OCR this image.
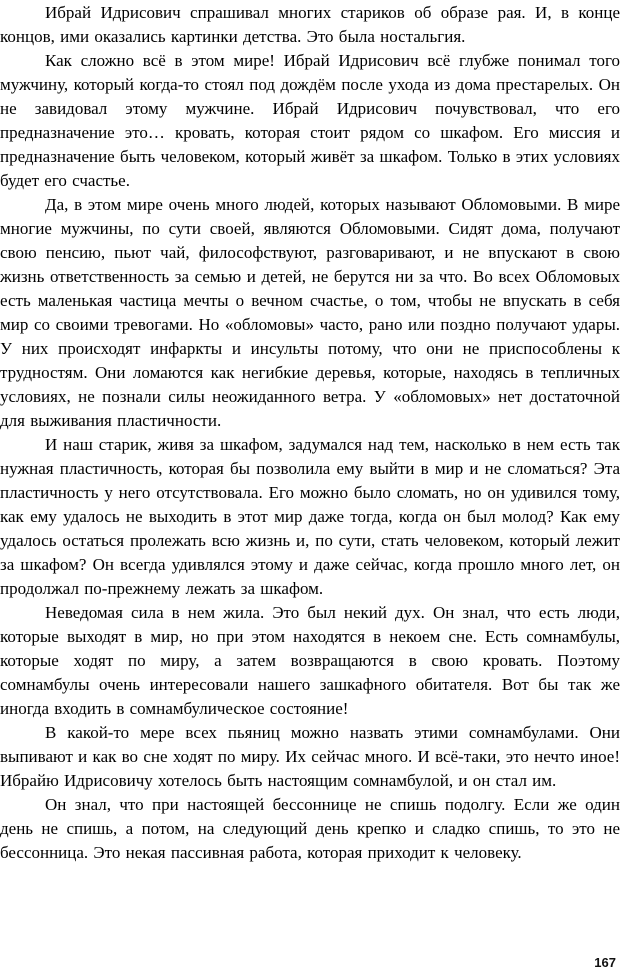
Ибрай Идрисович спрашивал многих стариков об образе рая. И, в конце концов, ими оказались картинки детства. Это была ностальгия.

Как сложно всё в этом мире! Ибрай Идрисович всё глубже понимал того мужчину, который когда-то стоял под дождём после ухода из дома престарелых. Он не завидовал этому мужчине. Ибрай Идрисович почувствовал, что его предназначение это… кровать, которая стоит рядом со шкафом. Его миссия и предназначение быть человеком, который живёт за шкафом. Только в этих условиях будет его счастье.

Да, в этом мире очень много людей, которых называют Обломовыми. В мире многие мужчины, по сути своей, являются Обломовыми. Сидят дома, получают свою пенсию, пьют чай, философствуют, разговаривают, и не впускают в свою жизнь ответственность за семью и детей, не берутся ни за что. Во всех Обломовых есть маленькая частица мечты о вечном счастье, о том, чтобы не впускать в себя мир со своими тревогами. Но «обломовы» часто, рано или поздно получают удары. У них происходят инфаркты и инсульты потому, что они не приспособлены к трудностям. Они ломаются как негибкие деревья, которые, находясь в тепличных условиях, не познали силы неожиданного ветра. У «обломовых» нет достаточной для выживания пластичности.

И наш старик, живя за шкафом, задумался над тем, насколько в нем есть так нужная пластичность, которая бы позволила ему выйти в мир и не сломаться? Эта пластичность у него отсутствовала. Его можно было сломать, но он удивился тому, как ему удалось не выходить в этот мир даже тогда, когда он был молод? Как ему удалось остаться пролежать всю жизнь и, по сути, стать человеком, который лежит за шкафом? Он всегда удивлялся этому и даже сейчас, когда прошло много лет, он продолжал по-прежнему лежать за шкафом.

Неведомая сила в нем жила. Это был некий дух. Он знал, что есть люди, которые выходят в мир, но при этом находятся в некоем сне. Есть сомнамбулы, которые ходят по миру, а затем возвращаются в свою кровать. Поэтому сомнамбулы очень интересовали нашего зашкафного обитателя. Вот бы так же иногда входить в сомнамбулическое состояние!

В какой-то мере всех пьяниц можно назвать этими сомнамбулами. Они выпивают и как во сне ходят по миру. Их сейчас много. И всё-таки, это нечто иное! Ибрайю Идрисовичу хотелось быть настоящим сомнамбулой, и он стал им.

Он знал, что при настоящей бессоннице не спишь подолгу. Если же один день не спишь, а потом, на следующий день крепко и сладко спишь, то это не бессонница. Это некая пассивная работа, которая приходит к человеку.

167
